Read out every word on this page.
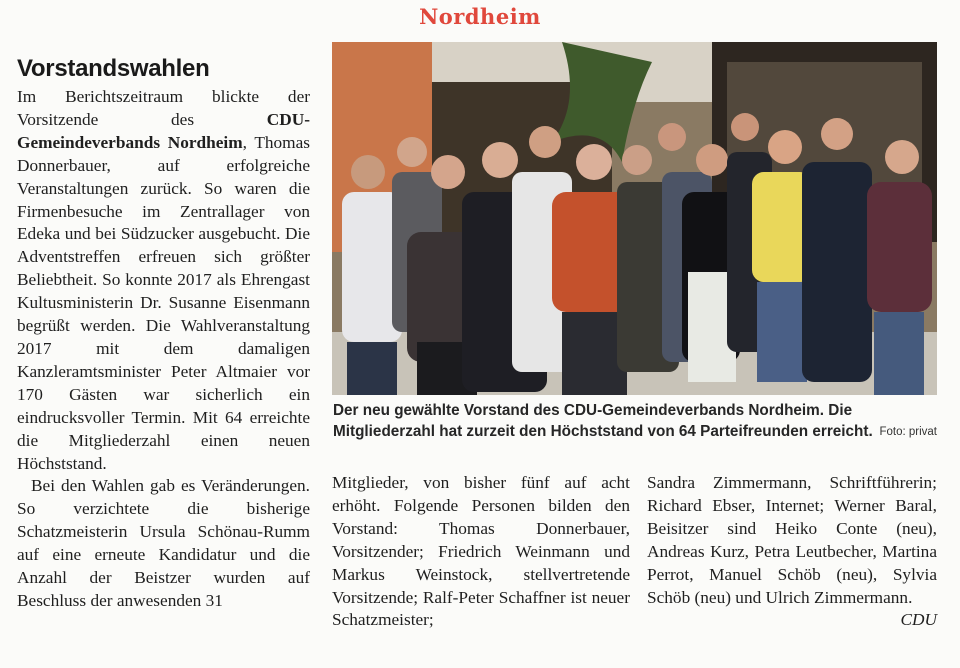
Nordheim
Vorstandswahlen

Im Berichtszeitraum blickte der Vorsitzende des CDU-Gemeindeverbands Nordheim, Thomas Donnerbauer, auf erfolgreiche Veranstaltungen zurück. So waren die Firmenbesuche im Zentrallager von Edeka und bei Südzucker ausgebucht. Die Adventstreffen erfreuen sich größter Beliebtheit. So konnte 2017 als Ehrengast Kultusministerin Dr. Susanne Eisenmann begrüßt werden. Die Wahlveranstaltung 2017 mit dem damaligen Kanzleramtsminister Peter Altmaier vor 170 Gästen war sicherlich ein eindrucksvoller Termin. Mit 64 erreichte die Mitgliederzahl einen neuen Höchststand.

Bei den Wahlen gab es Veränderungen. So verzichtete die bisherige Schatzmeisterin Ursula Schönau-Rumm auf eine erneute Kandidatur und die Anzahl der Beistzer wurden auf Beschluss der anwesenden 31

Der neu gewählte Vorstand des CDU-Gemeindeverbands Nordheim. Die Mitgliederzahl hat zurzeit den Höchststand von 64 Parteifreunden erreicht. Foto: privat

Mitglieder, von bisher fünf auf acht erhöht. Folgende Personen bilden den Vorstand: Thomas Donnerbauer, Vorsitzender; Friedrich Weinmann und Markus Weinstock, stellvertretende Vorsitzende; Ralf-Peter Schaffner ist neuer Schatzmeister;

Sandra Zimmermann, Schriftführerin; Richard Ebser, Internet; Werner Baral, Beisitzer sind Heiko Conte (neu), Andreas Kurz, Petra Leutbecher, Martina Perrot, Manuel Schöb (neu), Sylvia Schöb (neu) und Ulrich Zimmermann.
CDU
